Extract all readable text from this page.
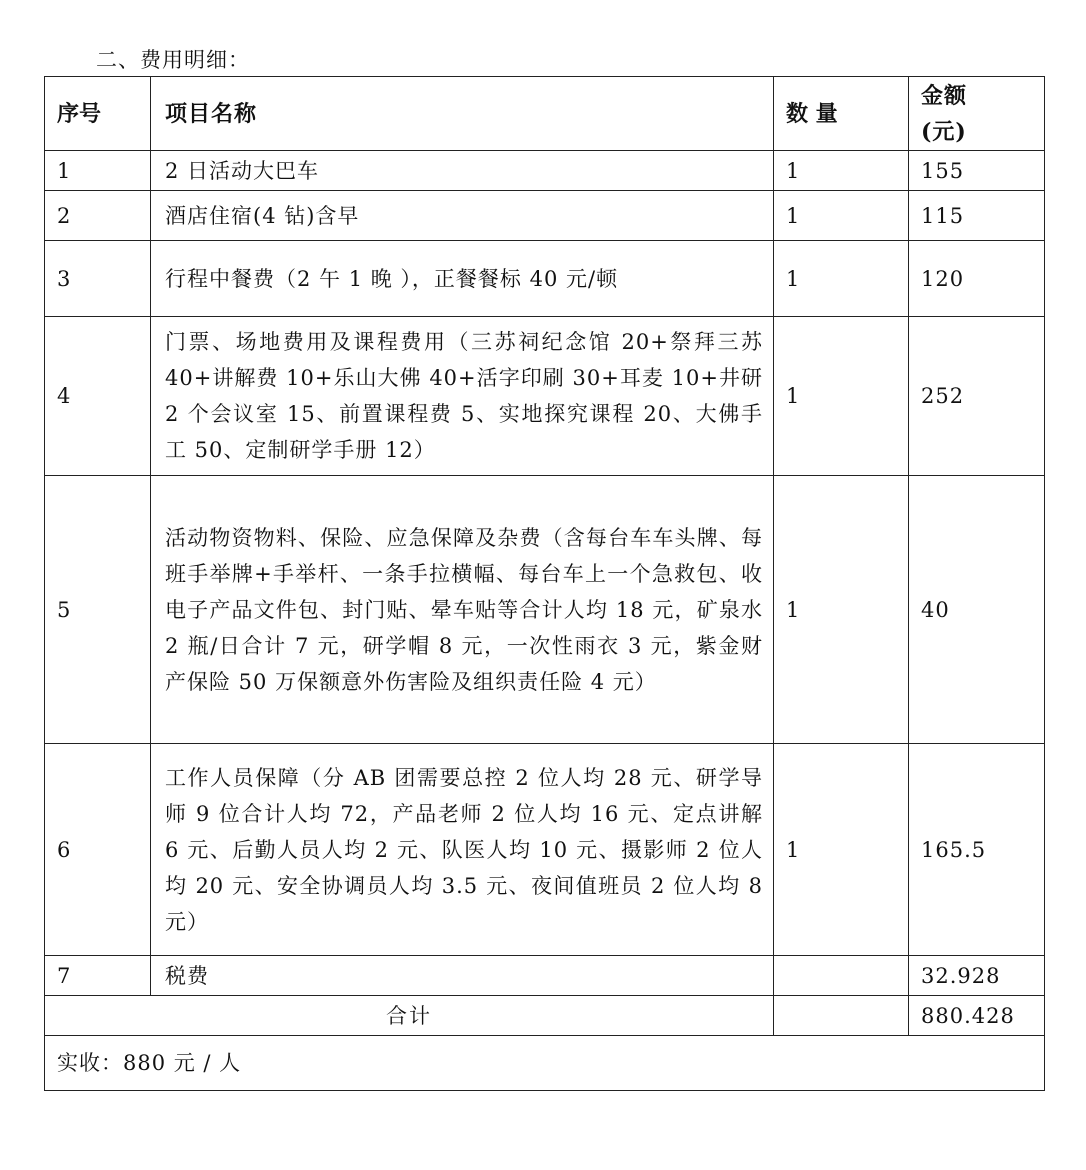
二、费用明细：
序号	项目名称	数 量	金额
(元)

1	2 日活动大巴车	1	155
2	酒店住宿(4 钻)含早	1	115
3	行程中餐费（2 午 1 晚 ），正餐餐标 40 元/顿	1	120
4	门票、场地费用及课程费用（三苏祠纪念馆 20+祭拜三苏 40+讲解费 10+乐山大佛 40+活字印刷 30+耳麦 10+井研 2 个会议室 15、前置课程费 5、实地探究课程 20、大佛手工 50、定制研学手册 12）	1	252
5	活动物资物料、保险、应急保障及杂费（含每台车车头牌、每班手举牌+手举杆、一条手拉横幅、每台车上一个急救包、收电子产品文件包、封门贴、晕车贴等合计人均 18 元，矿泉水 2 瓶/日合计 7 元，研学帽 8 元，一次性雨衣 3 元，紫金财产保险 50 万保额意外伤害险及组织责任险 4 元）	1	40
6	工作人员保障（分 AB 团需要总控 2 位人均 28 元、研学导师 9 位合计人均 72，产品老师 2 位人均 16 元、定点讲解 6 元、后勤人员人均 2 元、队医人均 10 元、摄影师 2 位人均 20 元、安全协调员人均 3.5 元、夜间值班员 2 位人均 8 元）	1	165.5
7	税费		32.928
合计			880.428
实收：880 元 / 人			
